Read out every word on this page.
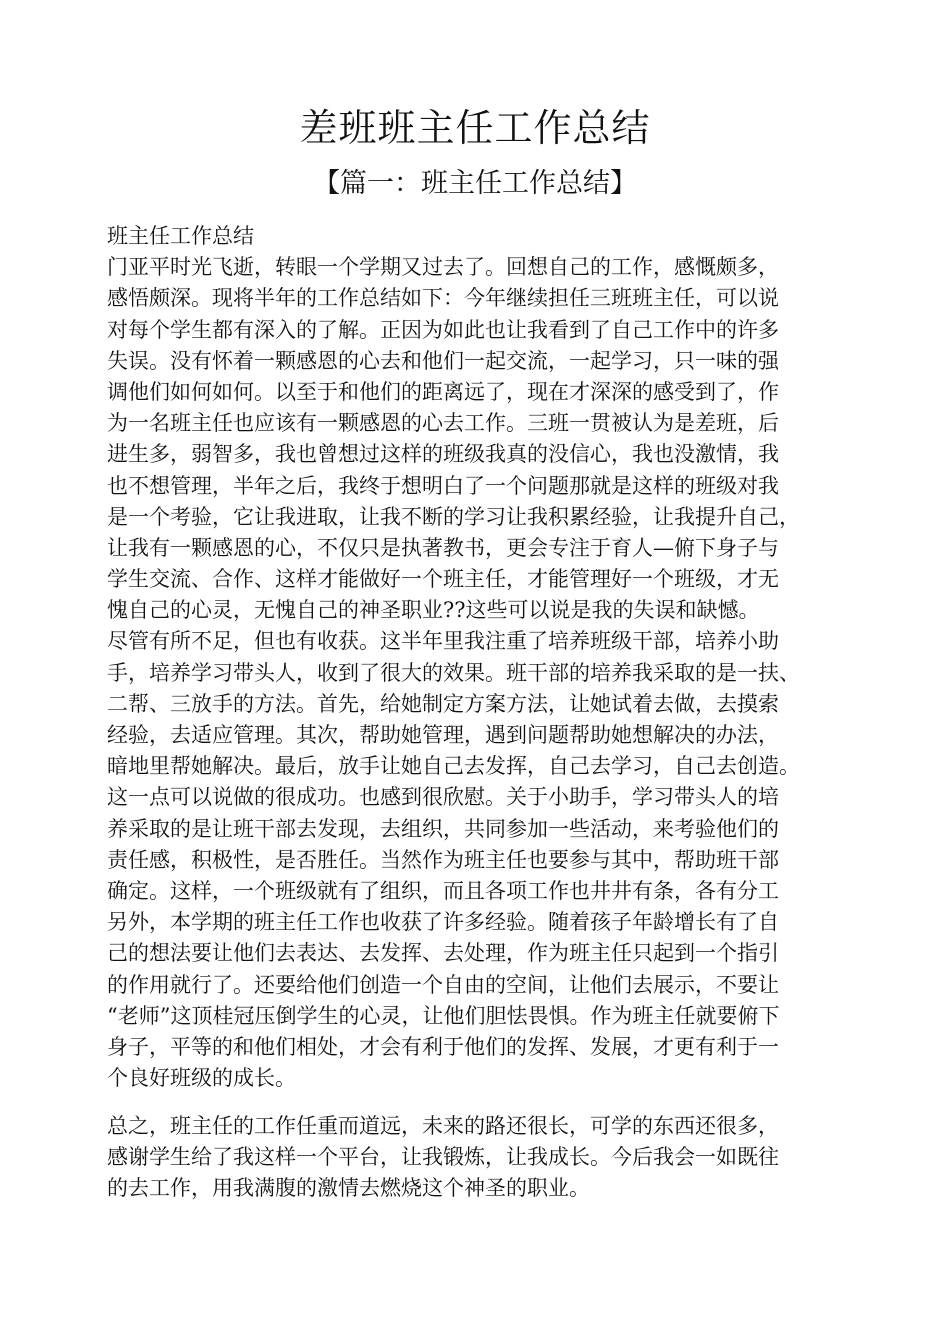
差班班主任工作总结
【篇一：班主任工作总结】
班主任工作总结
门亚平时光飞逝，转眼一个学期又过去了。回想自己的工作，感慨颇多，
感悟颇深。现将半年的工作总结如下：今年继续担任三班班主任，可以说
对每个学生都有深入的了解。正因为如此也让我看到了自己工作中的许多
失误。没有怀着一颗感恩的心去和他们一起交流，一起学习，只一味的强
调他们如何如何。以至于和他们的距离远了，现在才深深的感受到了，作
为一名班主任也应该有一颗感恩的心去工作。三班一贯被认为是差班，后
进生多，弱智多，我也曾想过这样的班级我真的没信心，我也没激情，我
也不想管理，半年之后，我终于想明白了一个问题那就是这样的班级对我
是一个考验，它让我进取，让我不断的学习让我积累经验，让我提升自己，
让我有一颗感恩的心，不仅只是执著教书，更会专注于育人—俯下身子与
学生交流、合作、这样才能做好一个班主任，才能管理好一个班级，才无
愧自己的心灵，无愧自己的神圣职业??这些可以说是我的失误和缺憾。
尽管有所不足，但也有收获。这半年里我注重了培养班级干部，培养小助
手，培养学习带头人，收到了很大的效果。班干部的培养我采取的是一扶、
二帮、三放手的方法。首先，给她制定方案方法，让她试着去做，去摸索
经验，去适应管理。其次，帮助她管理，遇到问题帮助她想解决的办法，
暗地里帮她解决。最后，放手让她自己去发挥，自己去学习，自己去创造。
这一点可以说做的很成功。也感到很欣慰。关于小助手，学习带头人的培
养采取的是让班干部去发现，去组织，共同参加一些活动，来考验他们的
责任感，积极性，是否胜任。当然作为班主任也要参与其中，帮助班干部
确定。这样，一个班级就有了组织，而且各项工作也井井有条，各有分工
另外，本学期的班主任工作也收获了许多经验。随着孩子年龄增长有了自
己的想法要让他们去表达、去发挥、去处理，作为班主任只起到一个指引
的作用就行了。还要给他们创造一个自由的空间，让他们去展示，不要让
“老师”这顶桂冠压倒学生的心灵，让他们胆怯畏惧。作为班主任就要俯下
身子，平等的和他们相处，才会有利于他们的发挥、发展，才更有利于一
个良好班级的成长。
总之，班主任的工作任重而道远，未来的路还很长，可学的东西还很多，
感谢学生给了我这样一个平台，让我锻炼，让我成长。今后我会一如既往
的去工作，用我满腹的激情去燃烧这个神圣的职业。
